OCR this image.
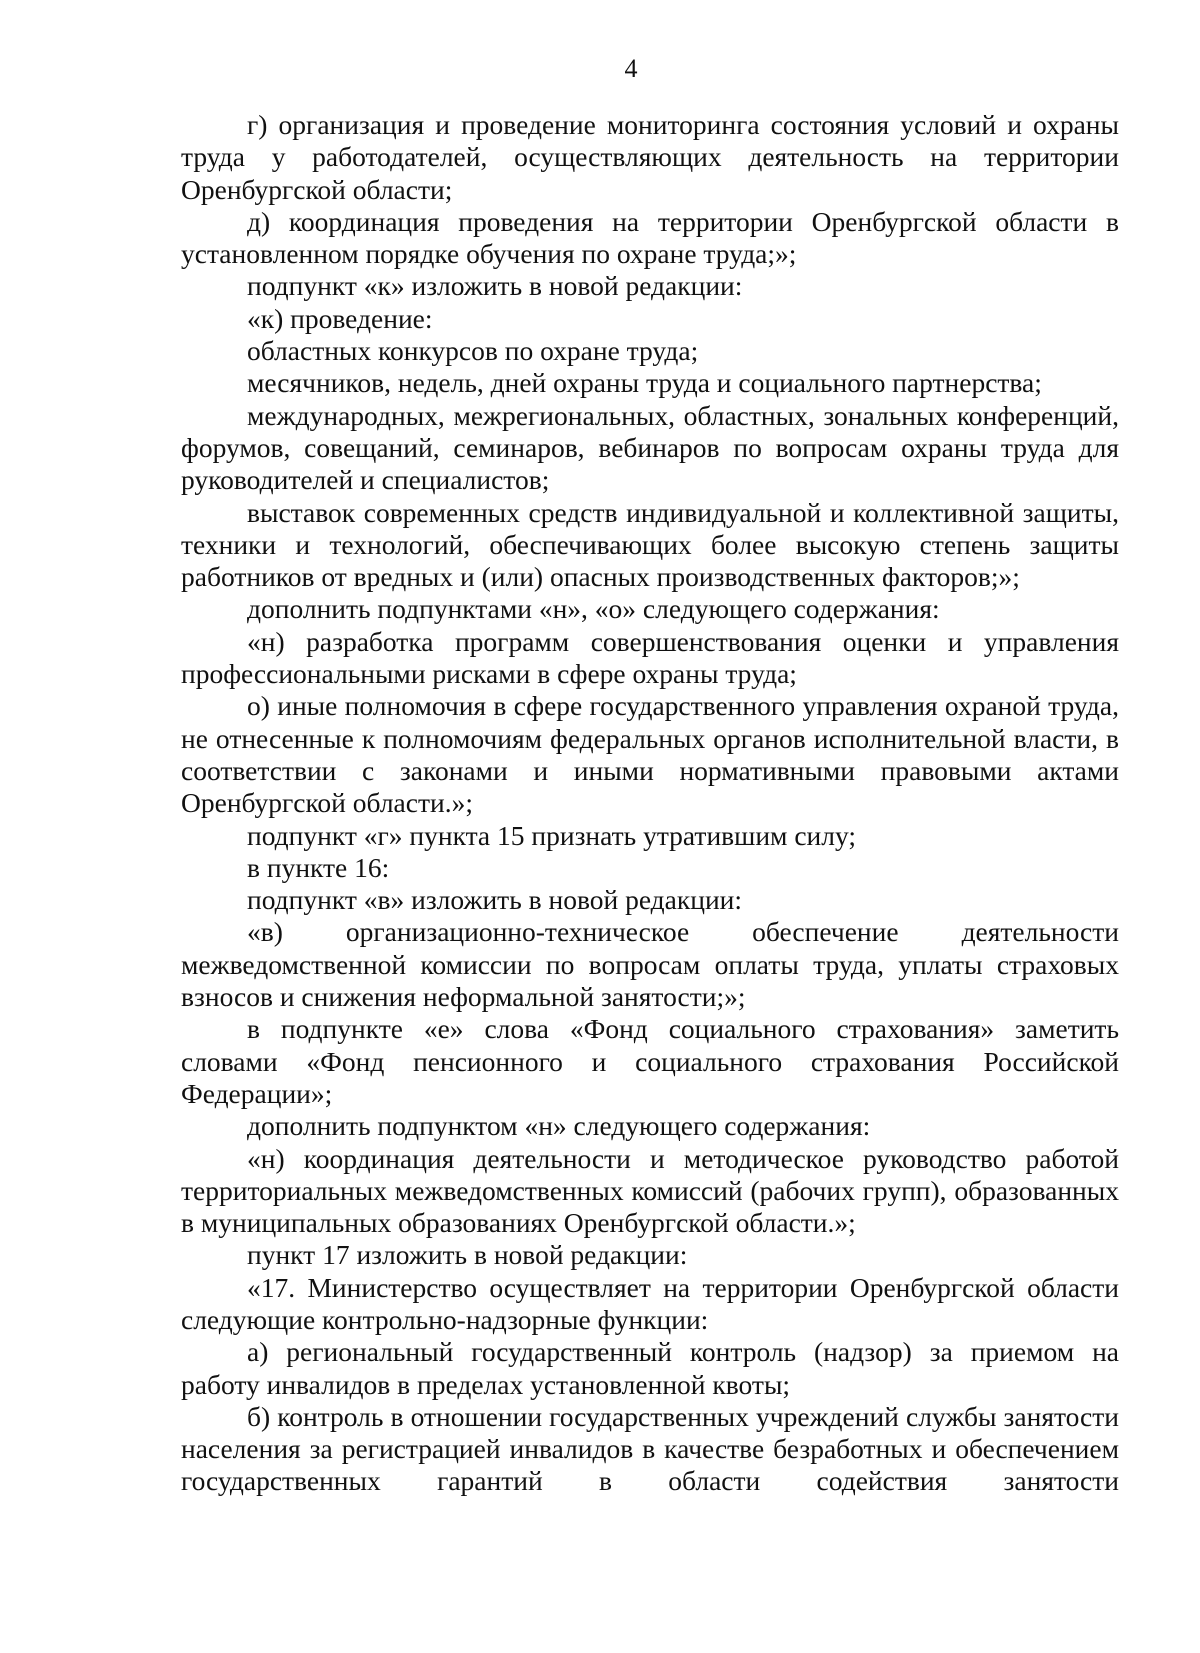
4

г) организация и проведение мониторинга состояния условий и охраны труда у работодателей, осуществляющих деятельность на территории Оренбургской области;

д) координация проведения на территории Оренбургской области в установленном порядке обучения по охране труда;»;

подпункт «к» изложить в новой редакции:

«к) проведение:

областных конкурсов по охране труда;

месячников, недель, дней охраны труда и социального партнерства;

международных, межрегиональных, областных, зональных конференций, форумов, совещаний, семинаров, вебинаров по вопросам охраны труда для руководителей и специалистов;

выставок современных средств индивидуальной и коллективной защиты, техники и технологий, обеспечивающих более высокую степень защиты работников от вредных и (или) опасных производственных факторов;»;

дополнить подпунктами «н», «о» следующего содержания:

«н) разработка программ совершенствования оценки и управления профессиональными рисками в сфере охраны труда;

о) иные полномочия в сфере государственного управления охраной труда, не отнесенные к полномочиям федеральных органов исполнительной власти, в соответствии с законами и иными нормативными правовыми актами Оренбургской области.»;

подпункт «г» пункта 15 признать утратившим силу;

в пункте 16:

подпункт «в» изложить в новой редакции:

«в) организационно-техническое обеспечение деятельности межведомственной комиссии по вопросам оплаты труда, уплаты страховых взносов и снижения неформальной занятости;»;

в подпункте «е» слова «Фонд социального страхования» заметить словами «Фонд пенсионного и социального страхования Российской Федерации»;

дополнить подпунктом «н» следующего содержания:

«н) координация деятельности и методическое руководство работой территориальных межведомственных комиссий (рабочих групп), образованных в муниципальных образованиях Оренбургской области.»;

пункт 17 изложить в новой редакции:

«17. Министерство осуществляет на территории Оренбургской области следующие контрольно-надзорные функции:

а) региональный государственный контроль (надзор) за приемом на работу инвалидов в пределах установленной квоты;

б) контроль в отношении государственных учреждений службы занятости населения за регистрацией инвалидов в качестве безработных и обеспечением государственных гарантий в области содействия занятости
